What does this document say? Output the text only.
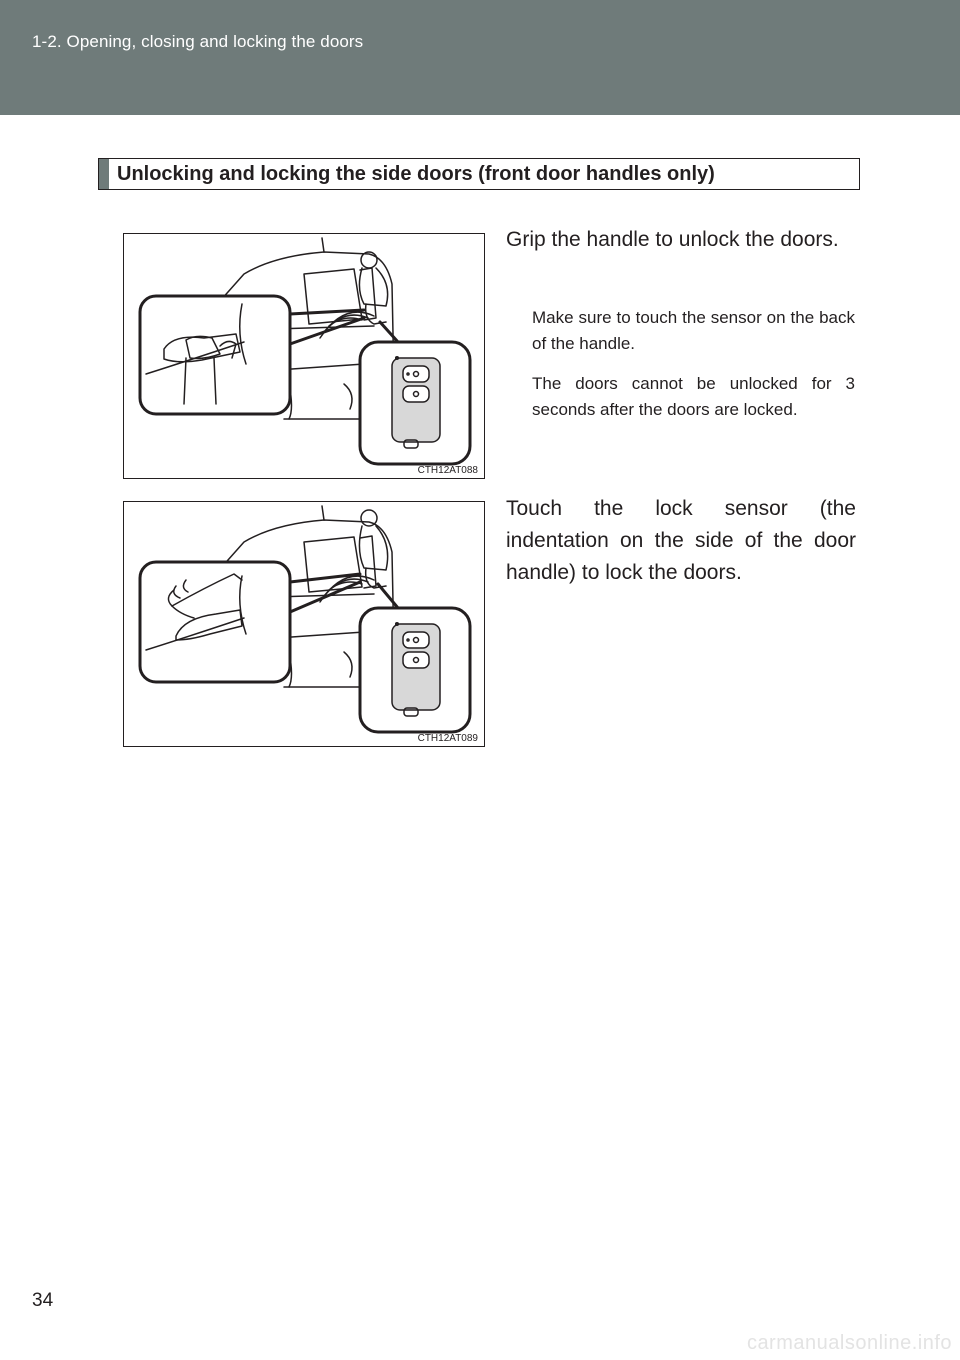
1-2. Opening, closing and locking the doors
Unlocking and locking the side doors (front door handles only)
CTH12AT088
Grip the handle to unlock the doors.
Make sure to touch the sensor on the back of the handle.
The doors cannot be unlocked for 3 seconds after the doors are locked.
CTH12AT089
Touch the lock sensor (the indentation on the side of the door handle) to lock the doors.
34
carmanualsonline.info
